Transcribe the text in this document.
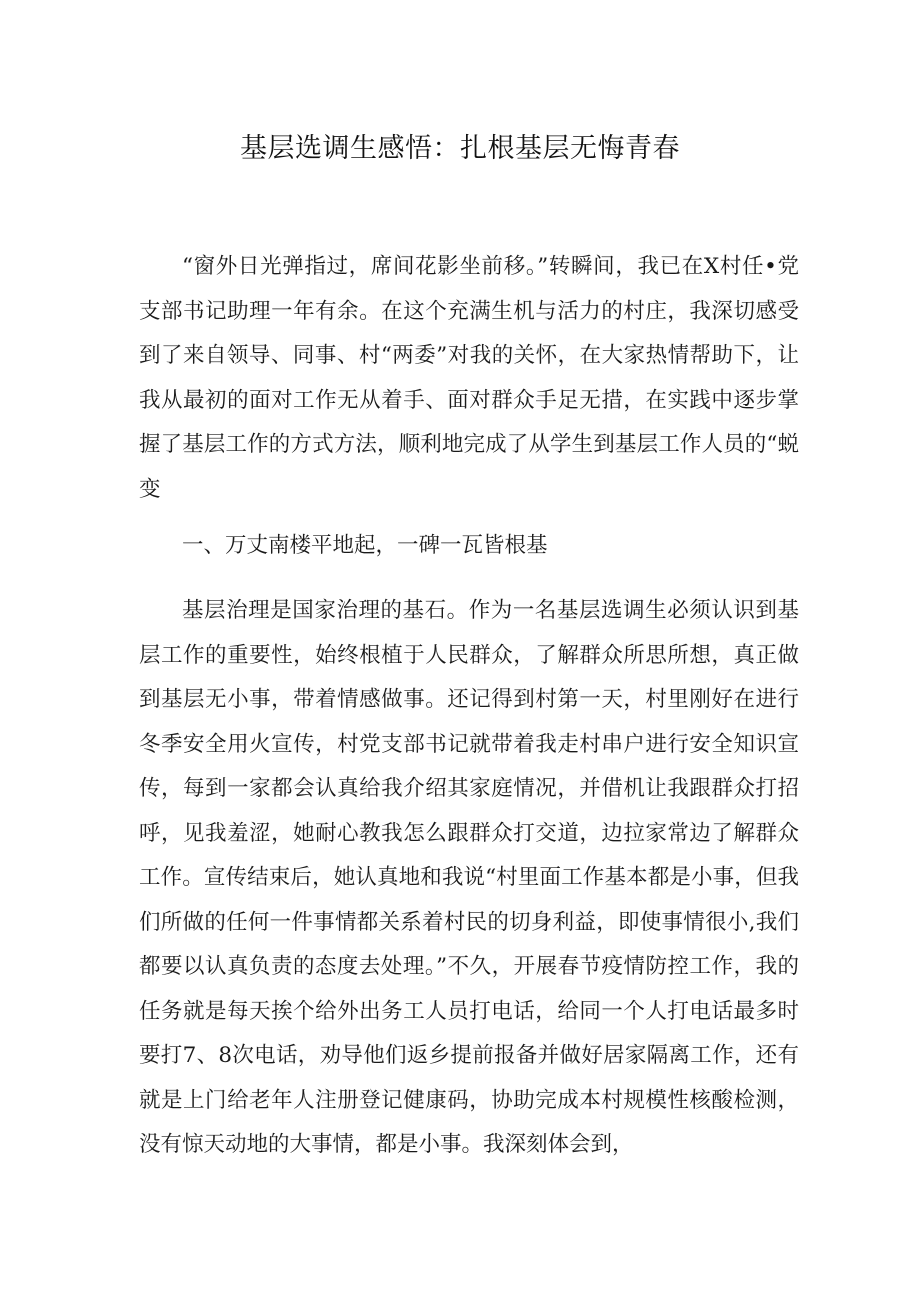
基层选调生感悟：扎根基层无悔青春

“窗外日光弹指过，席间花影坐前移。”转瞬间，我已在X村任•党支部书记助理一年有余。在这个充满生机与活力的村庄，我深切感受到了来自领导、同事、村“两委”对我的关怀，在大家热情帮助下，让我从最初的面对工作无从着手、面对群众手足无措，在实践中逐步掌握了基层工作的方式方法，顺利地完成了从学生到基层工作人员的“蜕变

一、万丈南楼平地起，一碑一瓦皆根基

基层治理是国家治理的基石。作为一名基层选调生必须认识到基层工作的重要性，始终根植于人民群众，了解群众所思所想，真正做到基层无小事，带着情感做事。还记得到村第一天，村里刚好在进行冬季安全用火宣传，村党支部书记就带着我走村串户进行安全知识宣传，每到一家都会认真给我介绍其家庭情况，并借机让我跟群众打招呼，见我羞涩，她耐心教我怎么跟群众打交道，边拉家常边了解群众工作。宣传结束后，她认真地和我说“村里面工作基本都是小事，但我们所做的任何一件事情都关系着村民的切身利益，即使事情很小,我们都要以认真负责的态度去处理。”不久，开展春节疫情防控工作，我的任务就是每天挨个给外出务工人员打电话，给同一个人打电话最多时要打7、8次电话，劝导他们返乡提前报备并做好居家隔离工作，还有就是上门给老年人注册登记健康码，协助完成本村规模性核酸检测，没有惊天动地的大事情，都是小事。我深刻体会到，
